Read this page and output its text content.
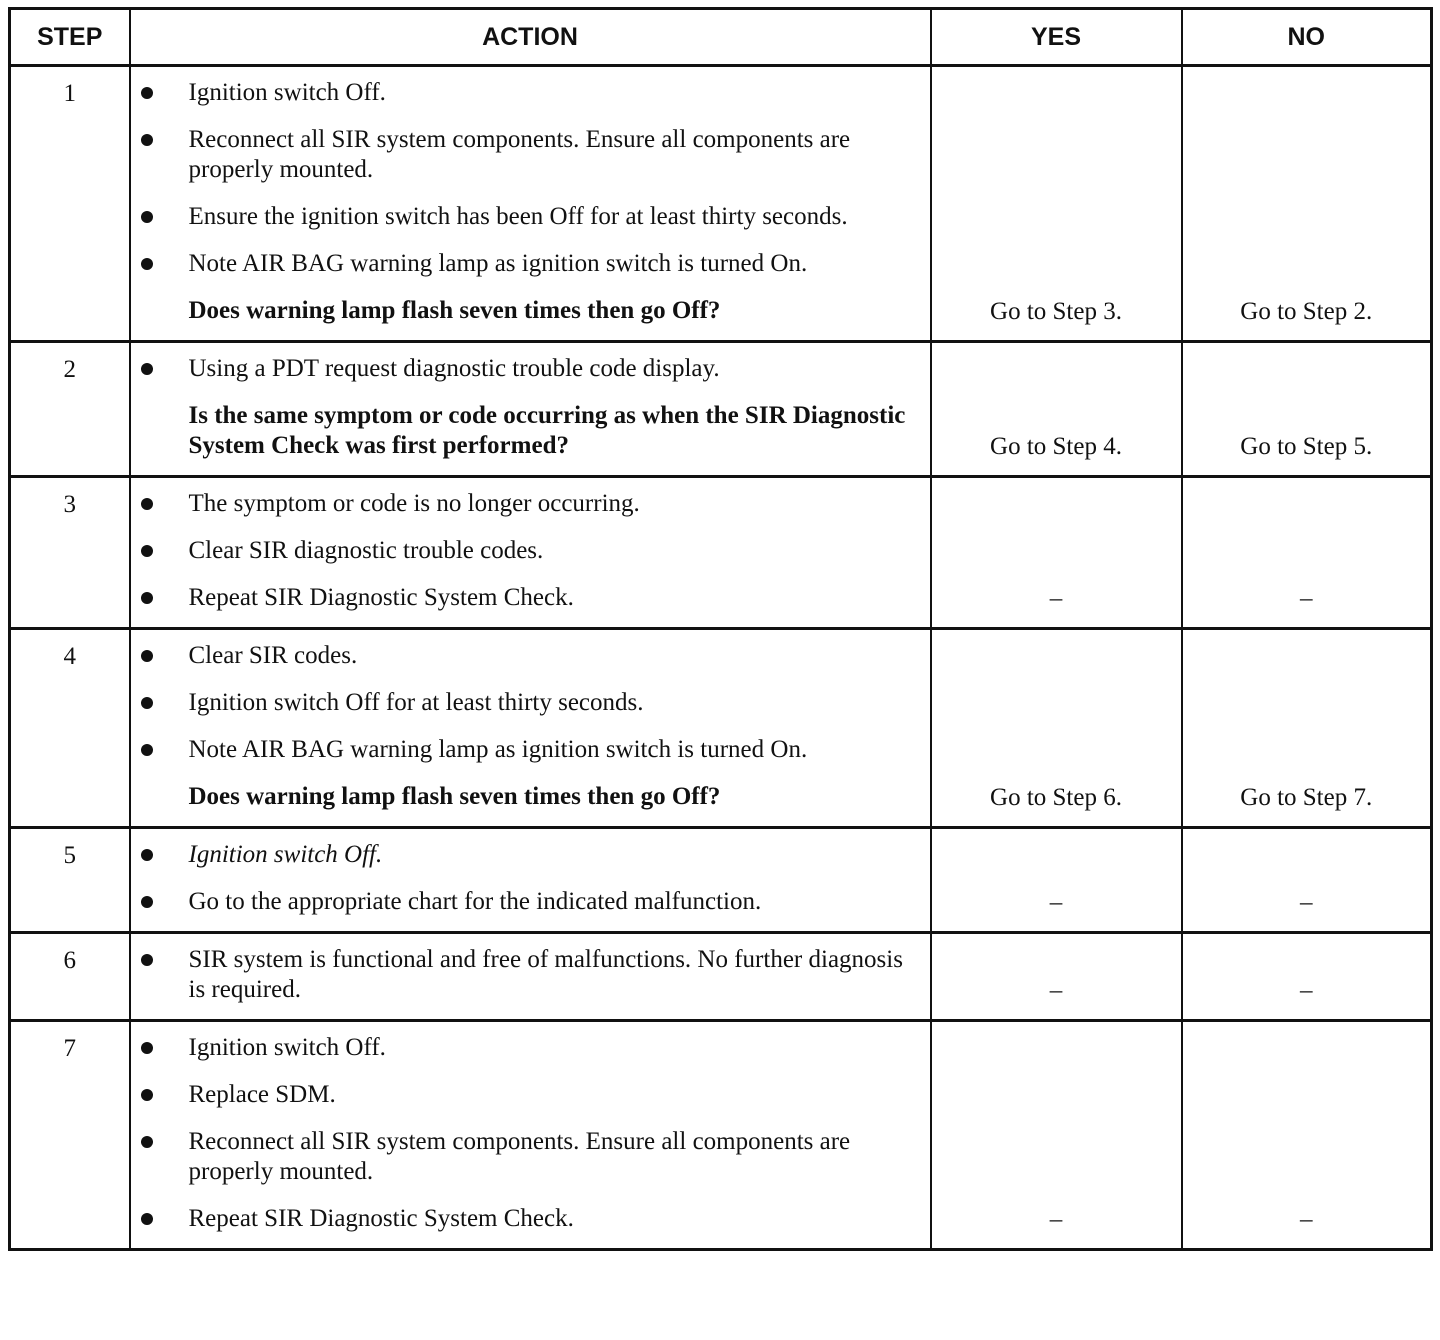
STEP	ACTION	YES	NO
1	Ignition switch Off.
Reconnect all SIR system components. Ensure all components are properly mounted.
Ensure the ignition switch has been Off for at least thirty seconds.
Note AIR BAG warning lamp as ignition switch is turned On.
Does warning lamp flash seven times then go Off?	Go to Step 3.	Go to Step 2.
2	Using a PDT request diagnostic trouble code display.
Is the same symptom or code occurring as when the SIR Diagnostic System Check was first performed?	Go to Step 4.	Go to Step 5.
3	The symptom or code is no longer occurring.
Clear SIR diagnostic trouble codes.
Repeat SIR Diagnostic System Check.	–	–
4	Clear SIR codes.
Ignition switch Off for at least thirty seconds.
Note AIR BAG warning lamp as ignition switch is turned On.
Does warning lamp flash seven times then go Off?	Go to Step 6.	Go to Step 7.
5	Ignition switch Off.
Go to the appropriate chart for the indicated malfunction.	–	–
6	SIR system is functional and free of malfunctions. No further diagnosis is required.	–	–
7	Ignition switch Off.
Replace SDM.
Reconnect all SIR system components. Ensure all components are properly mounted.
Repeat SIR Diagnostic System Check.	–	–
